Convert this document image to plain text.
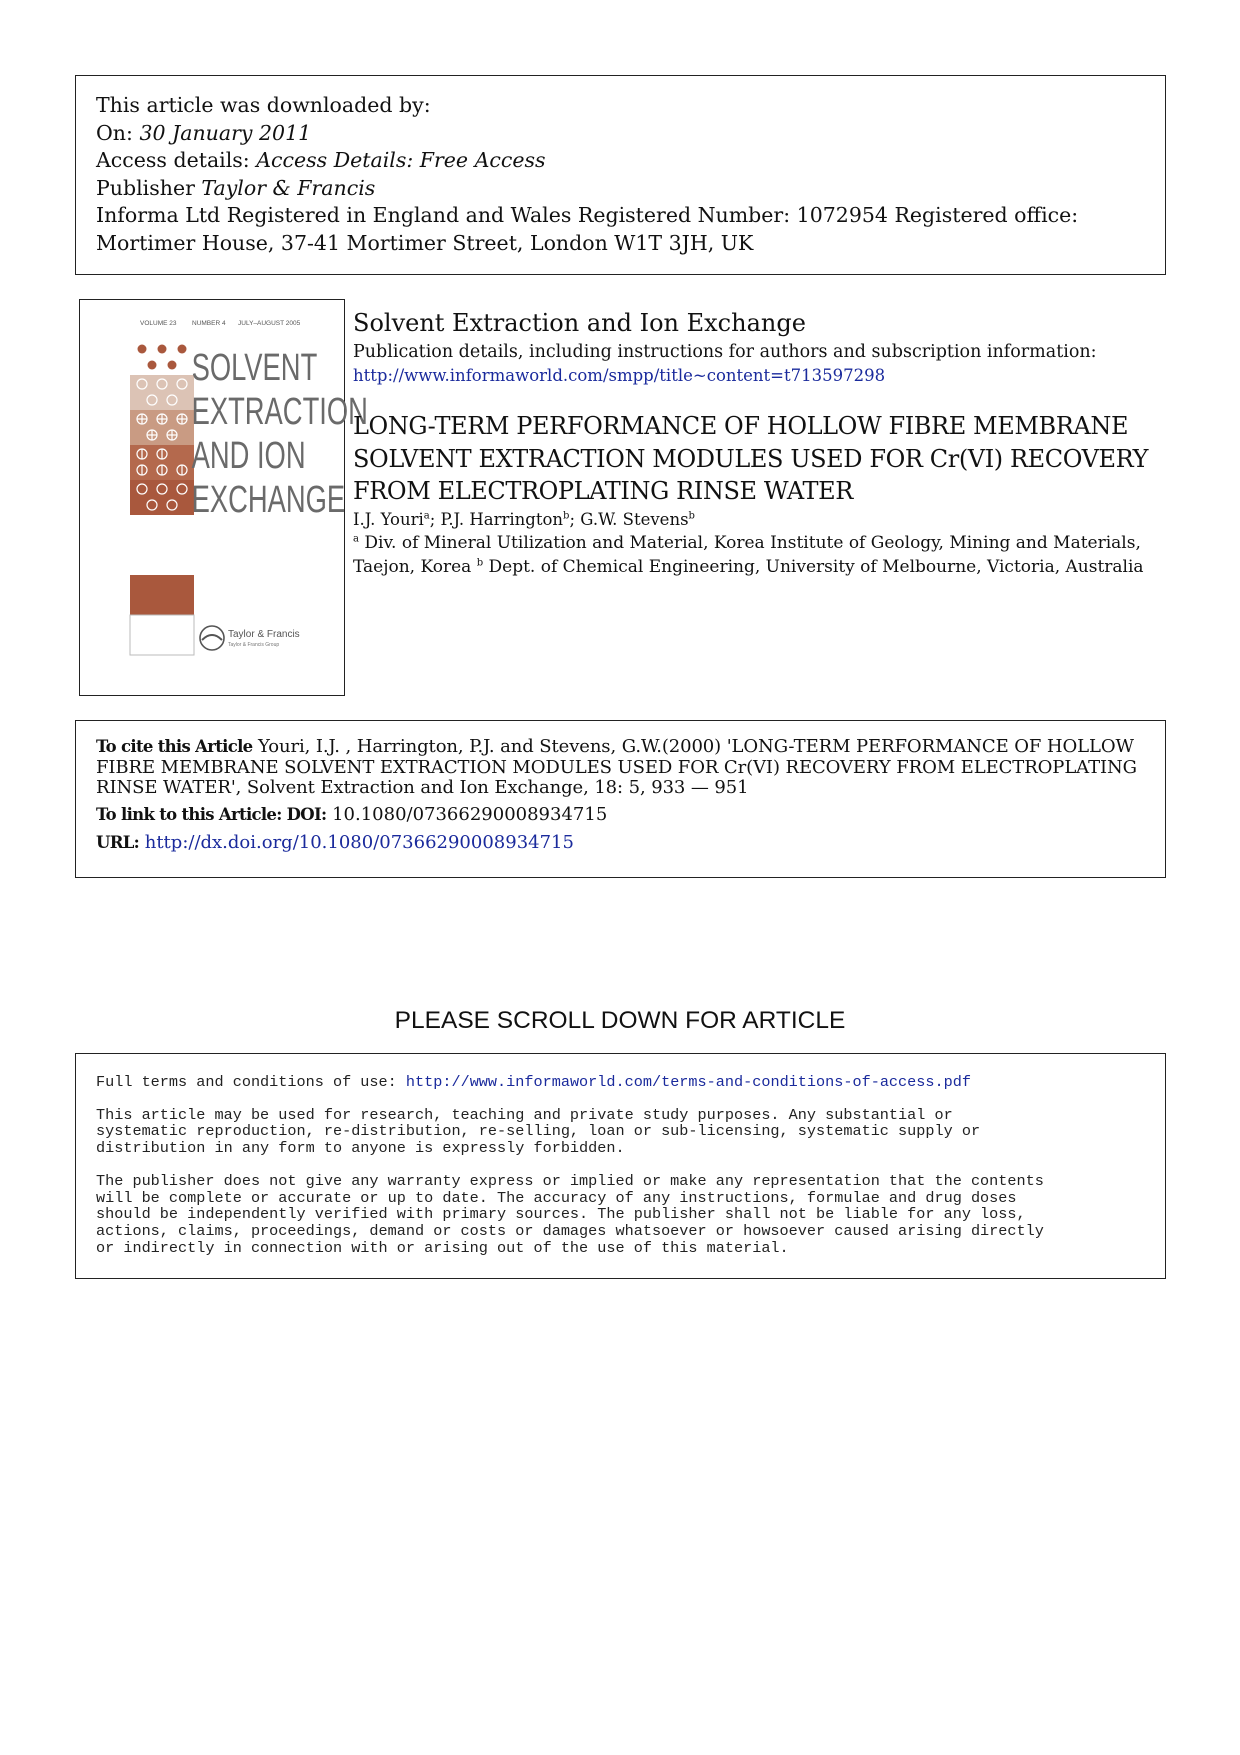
This article was downloaded by:
On: 30 January 2011
Access details: Access Details: Free Access
Publisher Taylor & Francis
Informa Ltd Registered in England and Wales Registered Number: 1072954 Registered office: Mortimer House, 37-41 Mortimer Street, London W1T 3JH, UK
VOLUME 23 NUMBER 4 JULY–AUGUST 2005
SOLVENT
EXTRACTION
AND ION
EXCHANGE
Taylor & Francis
Taylor & Francis Group
Solvent Extraction and Ion Exchange
Publication details, including instructions for authors and subscription information:
http://www.informaworld.com/smpp/title~content=t713597298
LONG-TERM PERFORMANCE OF HOLLOW FIBRE MEMBRANE
SOLVENT EXTRACTION MODULES USED FOR Cr(VI) RECOVERY
FROM ELECTROPLATING RINSE WATER
I.J. Youri$^a$; P.J. Harrington$^b$; G.W. Stevens$^b$
$^a$ Div. of Mineral Utilization and Material, Korea Institute of Geology, Mining and Materials, Taejon, Korea $^b$ Dept. of Chemical Engineering, University of Melbourne, Victoria, Australia
To cite this Article Youri, I.J. , Harrington, P.J. and Stevens, G.W.(2000) 'LONG-TERM PERFORMANCE OF HOLLOW FIBRE MEMBRANE SOLVENT EXTRACTION MODULES USED FOR Cr(VI) RECOVERY FROM ELECTROPLATING RINSE WATER', Solvent Extraction and Ion Exchange, 18: 5, 933 — 951
To link to this Article: DOI: 10.1080/07366290008934715
URL: http://dx.doi.org/10.1080/07366290008934715
PLEASE SCROLL DOWN FOR ARTICLE
Full terms and conditions of use: http://www.informaworld.com/terms-and-conditions-of-access.pdf
This article may be used for research, teaching and private study purposes. Any substantial or
systematic reproduction, re-distribution, re-selling, loan or sub-licensing, systematic supply or
distribution in any form to anyone is expressly forbidden.
The publisher does not give any warranty express or implied or make any representation that the contents
will be complete or accurate or up to date. The accuracy of any instructions, formulae and drug doses
should be independently verified with primary sources. The publisher shall not be liable for any loss,
actions, claims, proceedings, demand or costs or damages whatsoever or howsoever caused arising directly
or indirectly in connection with or arising out of the use of this material.
